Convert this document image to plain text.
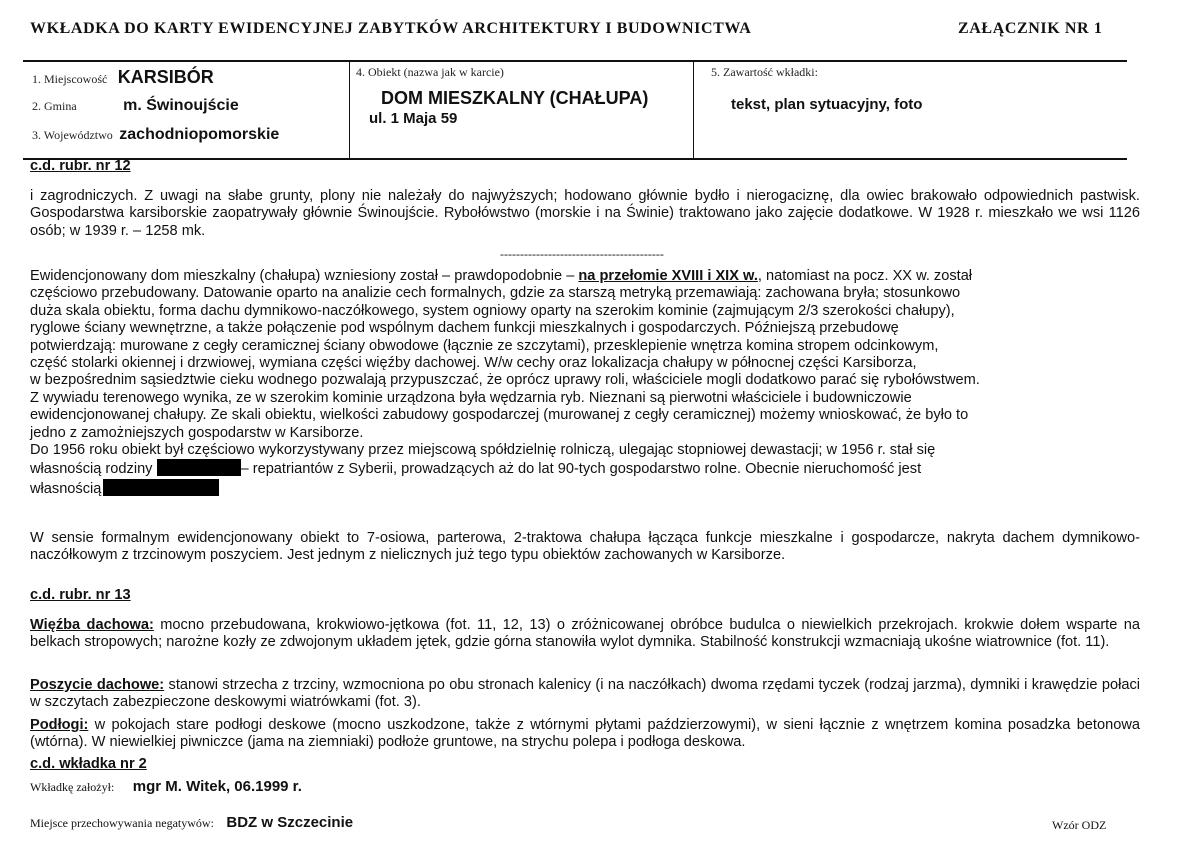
WKŁADKA DO KARTY EWIDENCYJNEJ ZABYTKÓW ARCHITEKTURY I BUDOWNICTWA	ZAŁĄCZNIK NR 1
1. Miejscowość KARSIBÓR
2. Gmina	m. Świnoujście
3. Województwo zachodniopomorskie
4. Obiekt (nazwa jak w karcie)
DOM MIESZKALNY (CHAŁUPA)
ul. 1 Maja 59
5. Zawartość wkładki:
tekst, plan sytuacyjny, foto
c.d. rubr. nr 12

i zagrodniczych. Z uwagi na słabe grunty, plony nie należały do najwyższych; hodowano głównie bydło i nierogaciznę, dla owiec brakowało odpowiednich pastwisk. Gospodarstwa karsiborskie zaopatrywały głównie Świnoujście. Rybołówstwo (morskie i na Świnie) traktowano jako zajęcie dodatkowe. W 1928 r. mieszkało we wsi 1126 osób; w 1939 r. – 1258 mk.

-----------------------------------------
Ewidencjonowany dom mieszkalny (chałupa) wzniesiony został – prawdopodobnie – na przełomie XVIII i XIX w., natomiast na pocz. XX w. został
częściowo przebudowany. Datowanie oparto na analizie cech formalnych, gdzie za starszą metryką przemawiają: zachowana bryła; stosunkowo
duża skala obiektu, forma dachu dymnikowo-naczółkowego, system ogniowy oparty na szerokim kominie (zajmującym 2/3 szerokości chałupy),
ryglowe ściany wewnętrzne, a także połączenie pod wspólnym dachem funkcji mieszkalnych i gospodarczych. Późniejszą przebudowę
potwierdzają: murowane z cegły ceramicznej ściany obwodowe (łącznie ze szczytami), przesklepienie wnętrza komina stropem odcinkowym,
część stolarki okiennej i drzwiowej, wymiana części więźby dachowej. W/w cechy oraz lokalizacja chałupy w północnej części Karsiborza,
w bezpośrednim sąsiedztwie cieku wodnego pozwalają przypuszczać, że oprócz uprawy roli, właściciele mogli dodatkowo parać się rybołówstwem.
Z wywiadu terenowego wynika, ze w szerokim kominie urządzona była wędzarnia ryb. Nieznani są pierwotni właściciele i budowniczowie
ewidencjonowanej chałupy. Ze skali obiektu, wielkości zabudowy gospodarczej (murowanej z cegły ceramicznej) możemy wnioskować, że było to
jedno z zamożniejszych gospodarstw w Karsiborze.
Do 1956 roku obiekt był częściowo wykorzystywany przez miejscową spółdzielnię rolniczą, ulegając stopniowej dewastacji; w 1956 r. stał się
własnością rodziny	– repatriantów z Syberii, prowadzących aż do lat 90-tych gospodarstwo rolne. Obecnie nieruchomość jest
własnością

W sensie formalnym ewidencjonowany obiekt to 7-osiowa, parterowa, 2-traktowa chałupa łącząca funkcje mieszkalne i gospodarcze, nakryta dachem dymnikowo-naczółkowym z trzcinowym poszyciem. Jest jednym z nielicznych już tego typu obiektów zachowanych w Karsiborze.

c.d. rubr. nr 13

Więźba dachowa: mocno przebudowana, krokwiowo-jętkowa (fot. 11, 12, 13) o zróżnicowanej obróbce budulca o niewielkich przekrojach. krokwie dołem wsparte na belkach stropowych; narożne kozły ze zdwojonym układem jętek, gdzie górna stanowiła wylot dymnika. Stabilność konstrukcji wzmacniają ukośne wiatrownice (fot. 11).

Poszycie dachowe: stanowi strzecha z trzciny, wzmocniona po obu stronach kalenicy (i na naczółkach) dwoma rzędami tyczek (rodzaj jarzma), dymniki i krawędzie połaci w szczytach zabezpieczone deskowymi wiatrówkami (fot. 3).

Podłogi: w pokojach stare podłogi deskowe (mocno uszkodzone, także z wtórnymi płytami paździerzowymi), w sieni łącznie z wnętrzem komina posadzka betonowa (wtórna). W niewielkiej piwniczce (jama na ziemniaki) podłoże gruntowe, na strychu polepa i podłoga deskowa.

c.d. wkładka nr 2
Wkładkę założył: mgr M. Witek, 06.1999 r.
Miejsce przechowywania negatywów: BDZ w Szczecinie	Wzór ODZ
